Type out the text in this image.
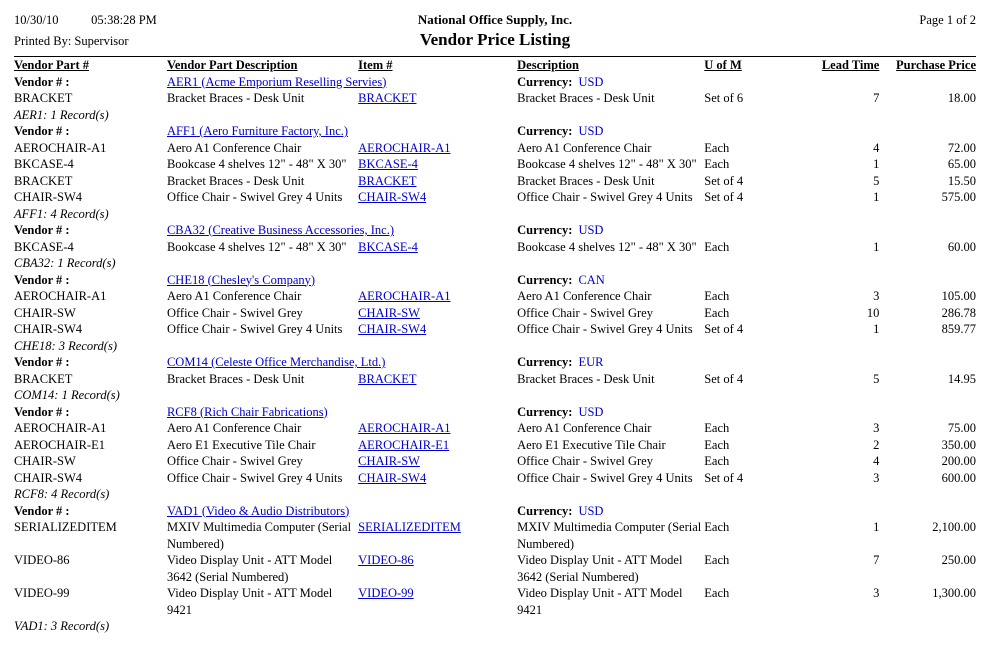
10/30/10	05:38:28 PM
Printed By: Supervisor
National Office Supply, Inc.
Vendor Price Listing
Page 1 of 2
Vendor Part #	Vendor Part Description	Item #	Description	U of M	Lead Time	Purchase Price
Vendor # :	AER1 (Acme Emporium Reselling Servies)		Currency: USD			
BRACKET	Bracket Braces - Desk Unit	BRACKET	Bracket Braces - Desk Unit	Set of 6	7	18.00
AER1: 1 Record(s)						
Vendor # :	AFF1 (Aero Furniture Factory, Inc.)		Currency: USD			
AEROCHAIR-A1	Aero A1 Conference Chair	AEROCHAIR-A1	Aero A1 Conference Chair	Each	4	72.00
BKCASE-4	Bookcase 4 shelves 12" - 48" X 30"	BKCASE-4	Bookcase 4 shelves 12" - 48" X 30"	Each	1	65.00
BRACKET	Bracket Braces - Desk Unit	BRACKET	Bracket Braces - Desk Unit	Set of 4	5	15.50
CHAIR-SW4	Office Chair - Swivel Grey 4 Units	CHAIR-SW4	Office Chair - Swivel Grey 4 Units	Set of 4	1	575.00
AFF1: 4 Record(s)						
Vendor # :	CBA32 (Creative Business Accessories, Inc.)		Currency: USD			
BKCASE-4	Bookcase 4 shelves 12" - 48" X 30"	BKCASE-4	Bookcase 4 shelves 12" - 48" X 30"	Each	1	60.00
CBA32: 1 Record(s)						
Vendor # :	CHE18 (Chesley's Company)		Currency: CAN			
AEROCHAIR-A1	Aero A1 Conference Chair	AEROCHAIR-A1	Aero A1 Conference Chair	Each	3	105.00
CHAIR-SW	Office Chair - Swivel Grey	CHAIR-SW	Office Chair - Swivel Grey	Each	10	286.78
CHAIR-SW4	Office Chair - Swivel Grey 4 Units	CHAIR-SW4	Office Chair - Swivel Grey 4 Units	Set of 4	1	859.77
CHE18: 3 Record(s)						
Vendor # :	COM14 (Celeste Office Merchandise, Ltd.)		Currency: EUR			
BRACKET	Bracket Braces - Desk Unit	BRACKET	Bracket Braces - Desk Unit	Set of 4	5	14.95
COM14: 1 Record(s)						
Vendor # :	RCF8 (Rich Chair Fabrications)		Currency: USD			
AEROCHAIR-A1	Aero A1 Conference Chair	AEROCHAIR-A1	Aero A1 Conference Chair	Each	3	75.00
AEROCHAIR-E1	Aero E1 Executive Tile Chair	AEROCHAIR-E1	Aero E1 Executive Tile Chair	Each	2	350.00
CHAIR-SW	Office Chair - Swivel Grey	CHAIR-SW	Office Chair - Swivel Grey	Each	4	200.00
CHAIR-SW4	Office Chair - Swivel Grey 4 Units	CHAIR-SW4	Office Chair - Swivel Grey 4 Units	Set of 4	3	600.00
RCF8: 4 Record(s)						
Vendor # :	VAD1 (Video & Audio Distributors)		Currency: USD			
SERIALIZEDITEM	MXIV Multimedia Computer (Serial Numbered)	SERIALIZEDITEM	MXIV Multimedia Computer (Serial Numbered)	Each	1	2,100.00
VIDEO-86	Video Display Unit - ATT Model 3642 (Serial Numbered)	VIDEO-86	Video Display Unit - ATT Model 3642 (Serial Numbered)	Each	7	250.00
VIDEO-99	Video Display Unit - ATT Model 9421	VIDEO-99	Video Display Unit - ATT Model 9421	Each	3	1,300.00
VAD1: 3 Record(s)						
